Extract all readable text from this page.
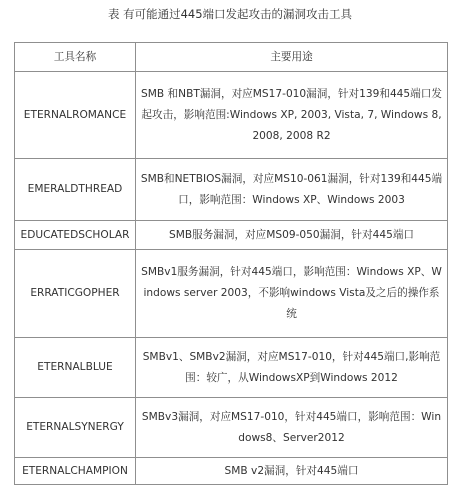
表 有可能通过445端口发起攻击的漏洞攻击工具
工具名称	主要用途
ETERNALROMANCE	SMB 和NBT漏洞，对应MS17-010漏洞，针对139和445端口发起攻击，影响范围:Windows XP, 2003, Vista, 7, Windows 8, 2008, 2008 R2
EMERALDTHREAD	SMB和NETBIOS漏洞，对应MS10-061漏洞，针对139和445端口，影响范围：Windows XP、Windows 2003
EDUCATEDSCHOLAR	SMB服务漏洞，对应MS09-050漏洞，针对445端口
ERRATICGOPHER	SMBv1服务漏洞，针对445端口，影响范围：Windows XP、Windows server 2003，不影响windows Vista及之后的操作系统
ETERNALBLUE	SMBv1、SMBv2漏洞，对应MS17-010，针对445端口,影响范围：较广，从WindowsXP到Windows 2012
ETERNALSYNERGY	SMBv3漏洞，对应MS17-010，针对445端口，影响范围：Windows8、Server2012
ETERNALCHAMPION	SMB v2漏洞，针对445端口
